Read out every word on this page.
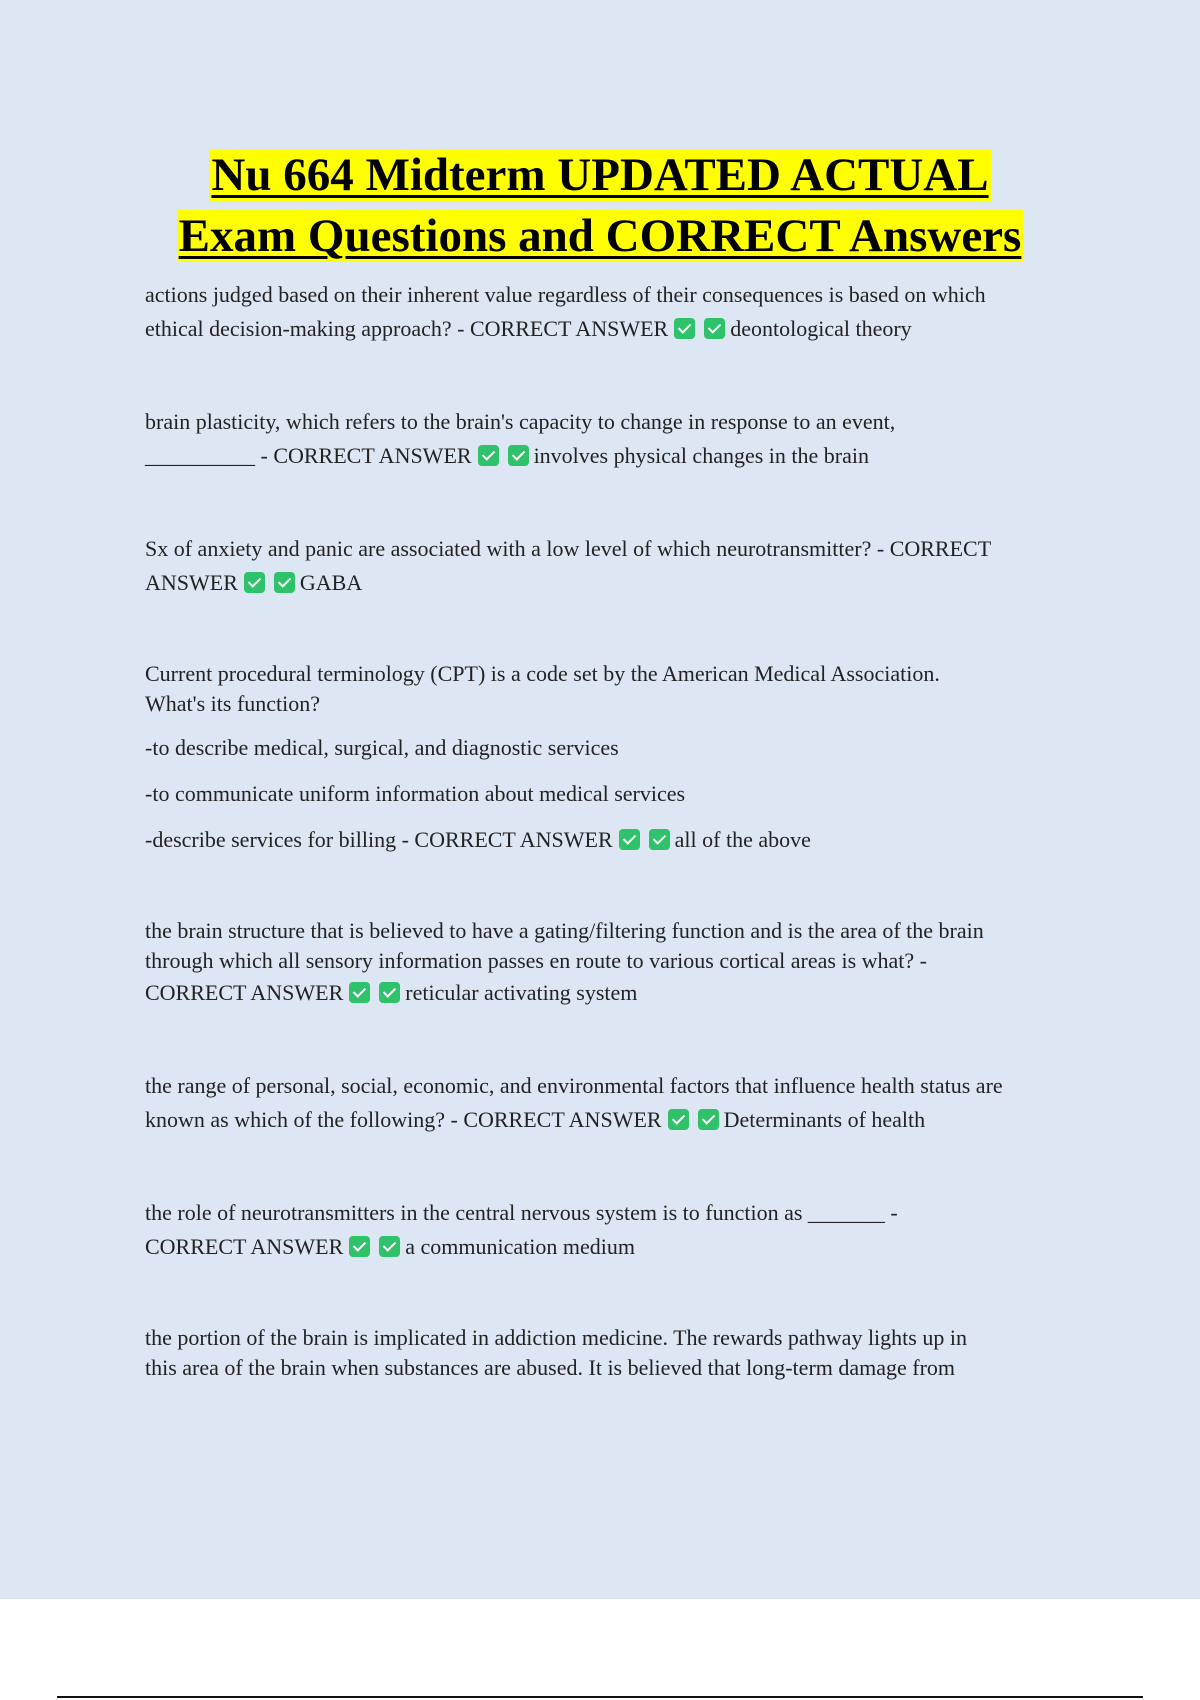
Nu 664 Midterm UPDATED ACTUAL
Exam Questions and CORRECT Answers
actions judged based on their inherent value regardless of their consequences is based on which
ethical decision-making approach? - CORRECT ANSWER	deontological theory
brain plasticity, which refers to the brain's capacity to change in response to an event,
__________ - CORRECT ANSWER	involves physical changes in the brain
Sx of anxiety and panic are associated with a low level of which neurotransmitter? - CORRECT
ANSWER	GABA
Current procedural terminology (CPT) is a code set by the American Medical Association.
What's its function?
-to describe medical, surgical, and diagnostic services
-to communicate uniform information about medical services
-describe services for billing - CORRECT ANSWER	all of the above
the brain structure that is believed to have a gating/filtering function and is the area of the brain
through which all sensory information passes en route to various cortical areas is what? -
CORRECT ANSWER	reticular activating system
the range of personal, social, economic, and environmental factors that influence health status are
known as which of the following? - CORRECT ANSWER	Determinants of health
the role of neurotransmitters in the central nervous system is to function as _______ -
CORRECT ANSWER	a communication medium
the portion of the brain is implicated in addiction medicine. The rewards pathway lights up in
this area of the brain when substances are abused. It is believed that long-term damage from
